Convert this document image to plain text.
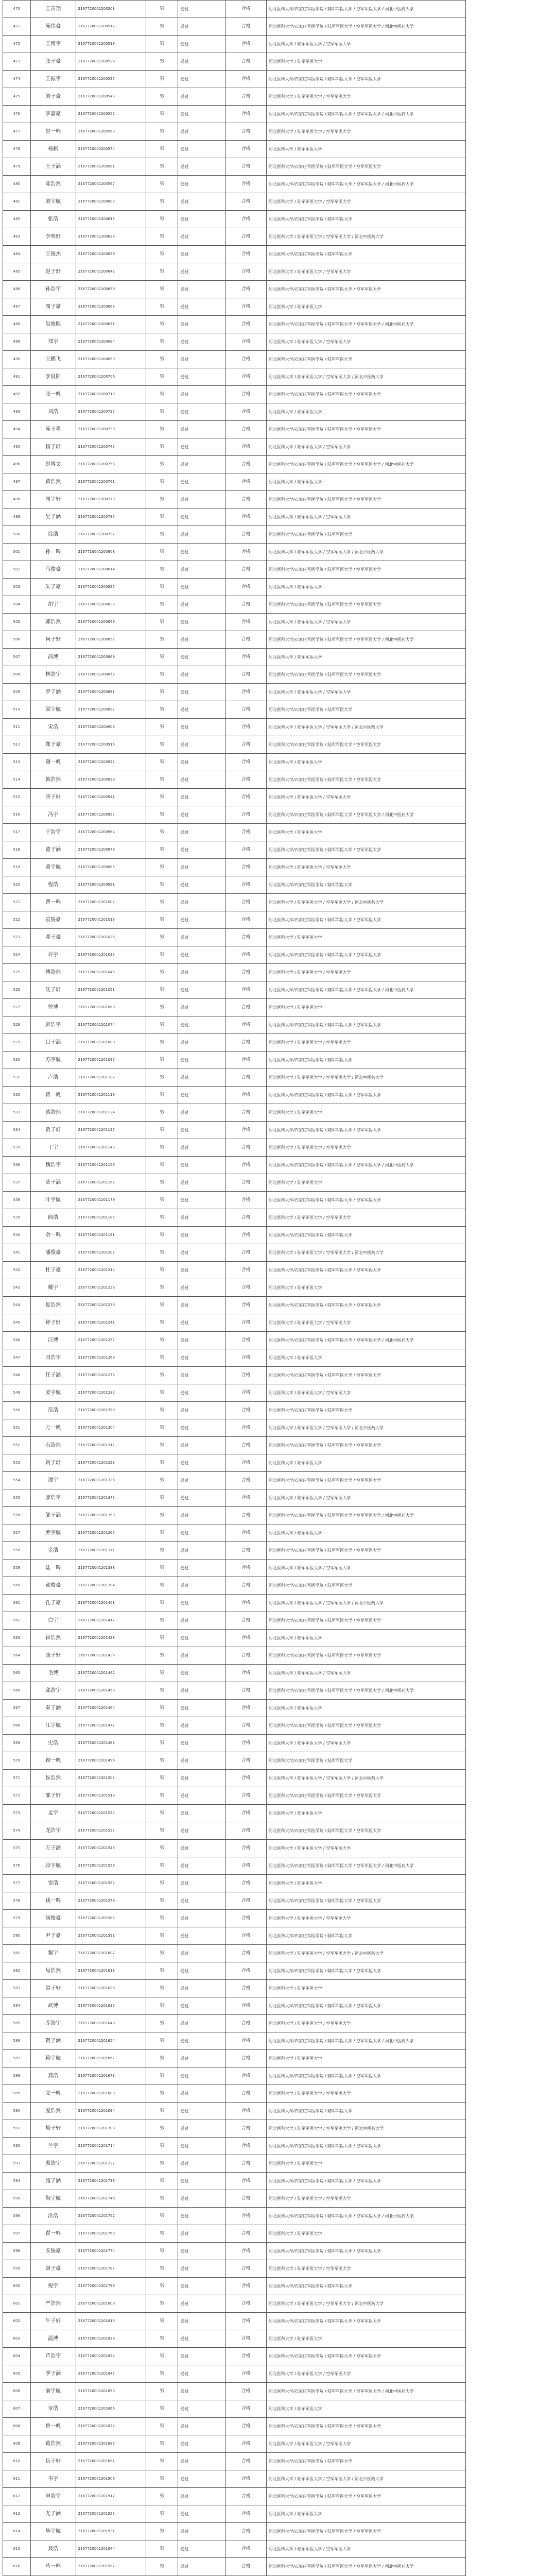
470	王苗翔	2167720001200503	男	通过	合格	河北医科大学/石家庄军医学院 / 陆军军医大学 / 空军军医大学 / 河北中医药大学
471	陈伟豪	2167720001200512	男	通过	合格	河北医科大学/石家庄军医学院 / 陆军军医大学 / 空军军医大学 / 河北中医药大学
472	王博宇	2167720001200519	男	通过	合格	河北医科大学 / 陆军军医大学 / 空军军医大学
473	张子豪	2167720001200526	男	通过	合格	河北医科大学 / 陆军军医大学
474	王振宇	2167720001200537	男	通过	合格	河北医科大学/石家庄军医学院 / 陆军军医大学 / 空军军医大学
475	刘子豪	2167720001200543	男	通过	合格	河北医科大学 / 陆军军医大学 / 空军军医大学
476	李嘉豪	2167720001200552	男	通过	合格	河北医科大学/石家庄军医学院 / 陆军军医大学 / 空军军医大学 / 河北中医药大学
477	赵一鸣	2167720001200568	男	通过	合格	河北医科大学 / 陆军军医大学 / 空军军医大学
478	杨帆	2167720001200574	男	通过	合格	河北医科大学 / 陆军军医大学
479	王子涵	2167720001200581	男	通过	合格	河北医科大学/石家庄军医学院 / 陆军军医大学 / 空军军医大学
480	陈浩然	2167720001200597	男	通过	合格	河北医科大学/石家庄军医学院 / 陆军军医大学 / 空军军医大学 / 河北中医药大学
481	刘宇航	2167720001200603	男	通过	合格	河北医科大学 / 陆军军医大学 / 空军军医大学
482	张浩	2167720001200615	男	通过	合格	河北医科大学/石家庄军医学院 / 陆军军医大学
483	李明轩	2167720001200628	男	通过	合格	河北医科大学 / 陆军军医大学 / 空军军医大学 / 河北中医药大学
484	王俊杰	2167720001200636	男	通过	合格	河北医科大学/石家庄军医学院 / 陆军军医大学
485	赵子轩	2167720001200642	男	通过	合格	河北医科大学 / 陆军军医大学 / 空军军医大学
486	孙浩宇	2167720001200659	男	通过	合格	河北医科大学/石家庄军医学院 / 陆军军医大学 / 空军军医大学
487	周子豪	2167720001200663	男	通过	合格	河北医科大学 / 陆军军医大学
488	吴俊熙	2167720001200671	男	通过	合格	河北医科大学/石家庄军医学院 / 陆军军医大学 / 空军军医大学 / 河北中医药大学
489	郑宇	2167720001200684	男	通过	合格	河北医科大学 / 陆军军医大学 / 空军军医大学
490	王鹏飞	2167720001200690	男	通过	合格	河北医科大学/石家庄军医学院 / 陆军军医大学
491	李晨阳	2167720001200706	男	通过	合格	河北医科大学 / 陆军军医大学 / 空军军医大学 / 河北中医药大学
492	张一帆	2167720001200713	男	通过	合格	河北医科大学/石家庄军医学院 / 陆军军医大学 / 空军军医大学
493	刘浩	2167720001200725	男	通过	合格	河北医科大学 / 陆军军医大学
494	陈子墨	2167720001200738	男	通过	合格	河北医科大学/石家庄军医学院 / 陆军军医大学 / 空军军医大学
495	杨子轩	2167720001200742	男	通过	合格	河北医科大学 / 陆军军医大学 / 空军军医大学
496	赵博文	2167720001200756	男	通过	合格	河北医科大学/石家庄军医学院 / 陆军军医大学 / 空军军医大学 / 河北中医药大学
497	黄浩然	2167720001200761	男	通过	合格	河北医科大学 / 陆军军医大学
498	周宇轩	2167720001200779	男	通过	合格	河北医科大学/石家庄军医学院 / 陆军军医大学 / 空军军医大学
499	吴子涵	2167720001200785	男	通过	合格	河北医科大学 / 陆军军医大学 / 空军军医大学
500	徐浩	2167720001200792	男	通过	合格	河北医科大学/石家庄军医学院 / 陆军军医大学
501	孙一鸣	2167720001200808	男	通过	合格	河北医科大学 / 陆军军医大学 / 空军军医大学 / 河北中医药大学
502	马俊豪	2167720001200814	男	通过	合格	河北医科大学/石家庄军医学院 / 陆军军医大学 / 空军军医大学
503	朱子豪	2167720001200827	男	通过	合格	河北医科大学 / 陆军军医大学
504	胡宇	2167720001200833	男	通过	合格	河北医科大学/石家庄军医学院 / 陆军军医大学 / 空军军医大学
505	郭浩然	2167720001200846	男	通过	合格	河北医科大学 / 陆军军医大学 / 空军军医大学
506	何子轩	2167720001200852	男	通过	合格	河北医科大学/石家庄军医学院 / 陆军军医大学 / 空军军医大学 / 河北中医药大学
507	高博	2167720001200869	男	通过	合格	河北医科大学 / 陆军军医大学
508	林浩宇	2167720001200875	男	通过	合格	河北医科大学/石家庄军医学院 / 陆军军医大学 / 空军军医大学
509	罗子涵	2167720001200881	男	通过	合格	河北医科大学 / 陆军军医大学 / 空军军医大学
510	梁宇航	2167720001200897	男	通过	合格	河北医科大学/石家庄军医学院 / 陆军军医大学
511	宋浩	2167720001200903	男	通过	合格	河北医科大学 / 陆军军医大学 / 空军军医大学 / 河北中医药大学
512	郑子豪	2167720001200916	男	通过	合格	河北医科大学/石家庄军医学院 / 陆军军医大学 / 空军军医大学
513	谢一帆	2167720001200922	男	通过	合格	河北医科大学 / 陆军军医大学
514	韩浩然	2167720001200938	男	通过	合格	河北医科大学/石家庄军医学院 / 陆军军医大学 / 空军军医大学
515	唐子轩	2167720001200941	男	通过	合格	河北医科大学 / 陆军军医大学 / 空军军医大学
516	冯宇	2167720001200957	男	通过	合格	河北医科大学/石家庄军医学院 / 陆军军医大学 / 空军军医大学 / 河北中医药大学
517	于浩宇	2167720001200964	男	通过	合格	河北医科大学 / 陆军军医大学
518	董子涵	2167720001200978	男	通过	合格	河北医科大学/石家庄军医学院 / 陆军军医大学 / 空军军医大学
519	萧宇航	2167720001200985	男	通过	合格	河北医科大学 / 陆军军医大学 / 空军军医大学
520	程浩	2167720001200991	男	通过	合格	河北医科大学/石家庄军医学院 / 陆军军医大学
521	曹一鸣	2167720001201007	男	通过	合格	河北医科大学 / 陆军军医大学 / 空军军医大学 / 河北中医药大学
522	袁俊豪	2167720001201013	男	通过	合格	河北医科大学/石家庄军医学院 / 陆军军医大学 / 空军军医大学
523	邓子豪	2167720001201026	男	通过	合格	河北医科大学 / 陆军军医大学
524	许宇	2167720001201032	男	通过	合格	河北医科大学/石家庄军医学院 / 陆军军医大学 / 空军军医大学
525	傅浩然	2167720001201045	男	通过	合格	河北医科大学 / 陆军军医大学 / 空军军医大学
526	沈子轩	2167720001201051	男	通过	合格	河北医科大学/石家庄军医学院 / 陆军军医大学 / 空军军医大学 / 河北中医药大学
527	曾博	2167720001201068	男	通过	合格	河北医科大学 / 陆军军医大学
528	彭浩宇	2167720001201074	男	通过	合格	河北医科大学/石家庄军医学院 / 陆军军医大学 / 空军军医大学
529	吕子涵	2167720001201089	男	通过	合格	河北医科大学 / 陆军军医大学 / 空军军医大学
530	苏宇航	2167720001201095	男	通过	合格	河北医科大学/石家庄军医学院 / 陆军军医大学
531	卢浩	2167720001201102	男	通过	合格	河北医科大学 / 陆军军医大学 / 空军军医大学 / 河北中医药大学
532	蒋一帆	2167720001201118	男	通过	合格	河北医科大学/石家庄军医学院 / 陆军军医大学 / 空军军医大学
533	蔡浩然	2167720001201124	男	通过	合格	河北医科大学 / 陆军军医大学
534	贾子轩	2167720001201137	男	通过	合格	河北医科大学/石家庄军医学院 / 陆军军医大学 / 空军军医大学
535	丁宇	2167720001201143	男	通过	合格	河北医科大学 / 陆军军医大学 / 空军军医大学
536	魏浩宇	2167720001201156	男	通过	合格	河北医科大学/石家庄军医学院 / 陆军军医大学 / 空军军医大学 / 河北中医药大学
537	薛子涵	2167720001201162	男	通过	合格	河北医科大学 / 陆军军医大学
538	叶宇航	2167720001201179	男	通过	合格	河北医科大学/石家庄军医学院 / 陆军军医大学 / 空军军医大学
539	阎浩	2167720001201185	男	通过	合格	河北医科大学 / 陆军军医大学 / 空军军医大学
540	余一鸣	2167720001201191	男	通过	合格	河北医科大学/石家庄军医学院 / 陆军军医大学
541	潘俊豪	2167720001201207	男	通过	合格	河北医科大学 / 陆军军医大学 / 空军军医大学 / 河北中医药大学
542	杜子豪	2167720001201214	男	通过	合格	河北医科大学/石家庄军医学院 / 陆军军医大学 / 空军军医大学
543	戴宇	2167720001201226	男	通过	合格	河北医科大学 / 陆军军医大学
544	夏浩然	2167720001201238	男	通过	合格	河北医科大学/石家庄军医学院 / 陆军军医大学 / 空军军医大学
545	钟子轩	2167720001201241	男	通过	合格	河北医科大学 / 陆军军医大学 / 空军军医大学
546	汪博	2167720001201257	男	通过	合格	河北医科大学/石家庄军医学院 / 陆军军医大学 / 空军军医大学 / 河北中医药大学
547	田浩宇	2167720001201263	男	通过	合格	河北医科大学 / 陆军军医大学
548	任子涵	2167720001201276	男	通过	合格	河北医科大学/石家庄军医学院 / 陆军军医大学 / 空军军医大学
549	姜宇航	2167720001201282	男	通过	合格	河北医科大学 / 陆军军医大学 / 空军军医大学
550	范浩	2167720001201298	男	通过	合格	河北医科大学/石家庄军医学院 / 陆军军医大学
551	方一帆	2167720001201304	男	通过	合格	河北医科大学 / 陆军军医大学 / 空军军医大学 / 河北中医药大学
552	石浩然	2167720001201317	男	通过	合格	河北医科大学/石家庄军医学院 / 陆军军医大学 / 空军军医大学
553	姚子轩	2167720001201323	男	通过	合格	河北医科大学 / 陆军军医大学
554	谭宇	2167720001201336	男	通过	合格	河北医科大学/石家庄军医学院 / 陆军军医大学 / 空军军医大学
555	廖浩宇	2167720001201342	男	通过	合格	河北医科大学 / 陆军军医大学 / 空军军医大学
556	邹子涵	2167720001201359	男	通过	合格	河北医科大学/石家庄军医学院 / 陆军军医大学 / 空军军医大学 / 河北中医药大学
557	熊宇航	2167720001201365	男	通过	合格	河北医科大学 / 陆军军医大学
558	金浩	2167720001201371	男	通过	合格	河北医科大学/石家庄军医学院 / 陆军军医大学 / 空军军医大学
559	陆一鸣	2167720001201388	男	通过	合格	河北医科大学 / 陆军军医大学 / 空军军医大学
560	郝俊豪	2167720001201394	男	通过	合格	河北医科大学/石家庄军医学院 / 陆军军医大学
561	孔子豪	2167720001201401	男	通过	合格	河北医科大学 / 陆军军医大学 / 空军军医大学 / 河北中医药大学
562	白宇	2167720001201417	男	通过	合格	河北医科大学/石家庄军医学院 / 陆军军医大学 / 空军军医大学
563	崔浩然	2167720001201423	男	通过	合格	河北医科大学 / 陆军军医大学
564	康子轩	2167720001201436	男	通过	合格	河北医科大学/石家庄军医学院 / 陆军军医大学 / 空军军医大学
565	毛博	2167720001201442	男	通过	合格	河北医科大学 / 陆军军医大学 / 空军军医大学
566	邱浩宇	2167720001201458	男	通过	合格	河北医科大学/石家庄军医学院 / 陆军军医大学 / 空军军医大学 / 河北中医药大学
567	秦子涵	2167720001201464	男	通过	合格	河北医科大学 / 陆军军医大学
568	江宇航	2167720001201477	男	通过	合格	河北医科大学/石家庄军医学院 / 陆军军医大学 / 空军军医大学
569	史浩	2167720001201483	男	通过	合格	河北医科大学 / 陆军军医大学 / 空军军医大学
570	顾一帆	2167720001201496	男	通过	合格	河北医科大学/石家庄军医学院 / 陆军军医大学
571	侯浩然	2167720001201502	男	通过	合格	河北医科大学 / 陆军军医大学 / 空军军医大学 / 河北中医药大学
572	邵子轩	2167720001201518	男	通过	合格	河北医科大学/石家庄军医学院 / 陆军军医大学 / 空军军医大学
573	孟宇	2167720001201524	男	通过	合格	河北医科大学 / 陆军军医大学
574	龙浩宇	2167720001201537	男	通过	合格	河北医科大学/石家庄军医学院 / 陆军军医大学 / 空军军医大学
575	万子涵	2167720001201543	男	通过	合格	河北医科大学 / 陆军军医大学 / 空军军医大学
576	段宇航	2167720001201556	男	通过	合格	河北医科大学/石家庄军医学院 / 陆军军医大学 / 空军军医大学 / 河北中医药大学
577	雷浩	2167720001201562	男	通过	合格	河北医科大学 / 陆军军医大学
578	钱一鸣	2167720001201579	男	通过	合格	河北医科大学/石家庄军医学院 / 陆军军医大学 / 空军军医大学
579	汤俊豪	2167720001201585	男	通过	合格	河北医科大学 / 陆军军医大学 / 空军军医大学
580	尹子豪	2167720001201591	男	通过	合格	河北医科大学/石家庄军医学院 / 陆军军医大学
581	黎宇	2167720001201607	男	通过	合格	河北医科大学 / 陆军军医大学 / 空军军医大学 / 河北中医药大学
582	易浩然	2167720001201613	男	通过	合格	河北医科大学/石家庄军医学院 / 陆军军医大学 / 空军军医大学
583	常子轩	2167720001201626	男	通过	合格	河北医科大学 / 陆军军医大学
584	武博	2167720001201632	男	通过	合格	河北医科大学/石家庄军医学院 / 陆军军医大学 / 空军军医大学
585	乔浩宇	2167720001201648	男	通过	合格	河北医科大学 / 陆军军医大学 / 空军军医大学
586	贺子涵	2167720001201654	男	通过	合格	河北医科大学/石家庄军医学院 / 陆军军医大学 / 空军军医大学 / 河北中医药大学
587	赖宇航	2167720001201667	男	通过	合格	河北医科大学 / 陆军军医大学
588	龚浩	2167720001201673	男	通过	合格	河北医科大学/石家庄军医学院 / 陆军军医大学 / 空军军医大学
589	文一帆	2167720001201689	男	通过	合格	河北医科大学 / 陆军军医大学 / 空军军医大学
590	庞浩然	2167720001201694	男	通过	合格	河北医科大学/石家庄军医学院 / 陆军军医大学
591	樊子轩	2167720001201708	男	通过	合格	河北医科大学 / 陆军军医大学 / 空军军医大学 / 河北中医药大学
592	兰宇	2167720001201714	男	通过	合格	河北医科大学/石家庄军医学院 / 陆军军医大学 / 空军军医大学
593	殷浩宇	2167720001201727	男	通过	合格	河北医科大学 / 陆军军医大学
594	施子涵	2167720001201733	男	通过	合格	河北医科大学/石家庄军医学院 / 陆军军医大学 / 空军军医大学
595	陶宇航	2167720001201746	男	通过	合格	河北医科大学 / 陆军军医大学 / 空军军医大学
596	洪浩	2167720001201752	男	通过	合格	河北医科大学/石家庄军医学院 / 陆军军医大学 / 空军军医大学 / 河北中医药大学
597	翟一鸣	2167720001201768	男	通过	合格	河北医科大学 / 陆军军医大学
598	安俊豪	2167720001201774	男	通过	合格	河北医科大学/石家庄军医学院 / 陆军军医大学 / 空军军医大学
599	颜子豪	2167720001201787	男	通过	合格	河北医科大学 / 陆军军医大学 / 空军军医大学
600	倪宇	2167720001201793	男	通过	合格	河北医科大学/石家庄军医学院 / 陆军军医大学
601	严浩然	2167720001201809	男	通过	合格	河北医科大学 / 陆军军医大学 / 空军军医大学 / 河北中医药大学
602	牛子轩	2167720001201815	男	通过	合格	河北医科大学/石家庄军医学院 / 陆军军医大学 / 空军军医大学
603	温博	2167720001201828	男	通过	合格	河北医科大学 / 陆军军医大学
604	芦浩宇	2167720001201834	男	通过	合格	河北医科大学/石家庄军医学院 / 陆军军医大学 / 空军军医大学
605	季子涵	2167720001201847	男	通过	合格	河北医科大学 / 陆军军医大学 / 空军军医大学
606	俞宇航	2167720001201853	男	通过	合格	河北医科大学/石家庄军医学院 / 陆军军医大学 / 空军军医大学 / 河北中医药大学
607	章浩	2167720001201866	男	通过	合格	河北医科大学 / 陆军军医大学
608	鲁一帆	2167720001201872	男	通过	合格	河北医科大学/石家庄军医学院 / 陆军军医大学 / 空军军医大学
609	葛浩然	2167720001201885	男	通过	合格	河北医科大学 / 陆军军医大学 / 空军军医大学
610	伍子轩	2167720001201891	男	通过	合格	河北医科大学/石家庄军医学院 / 陆军军医大学
611	韦宇	2167720001201906	男	通过	合格	河北医科大学 / 陆军军医大学 / 空军军医大学 / 河北中医药大学
612	申浩宇	2167720001201912	男	通过	合格	河北医科大学/石家庄军医学院 / 陆军军医大学 / 空军军医大学
613	尤子涵	2167720001201925	男	通过	合格	河北医科大学 / 陆军军医大学
614	毕宇航	2167720001201931	男	通过	合格	河北医科大学/石家庄军医学院 / 陆军军医大学 / 空军军医大学
615	聂浩	2167720001201944	男	通过	合格	河北医科大学 / 陆军军医大学 / 空军军医大学
616	丛一鸣	2167720001201957	男	通过	合格	河北医科大学/石家庄军医学院 / 陆军军医大学 / 空军军医大学 / 河北中医药大学
